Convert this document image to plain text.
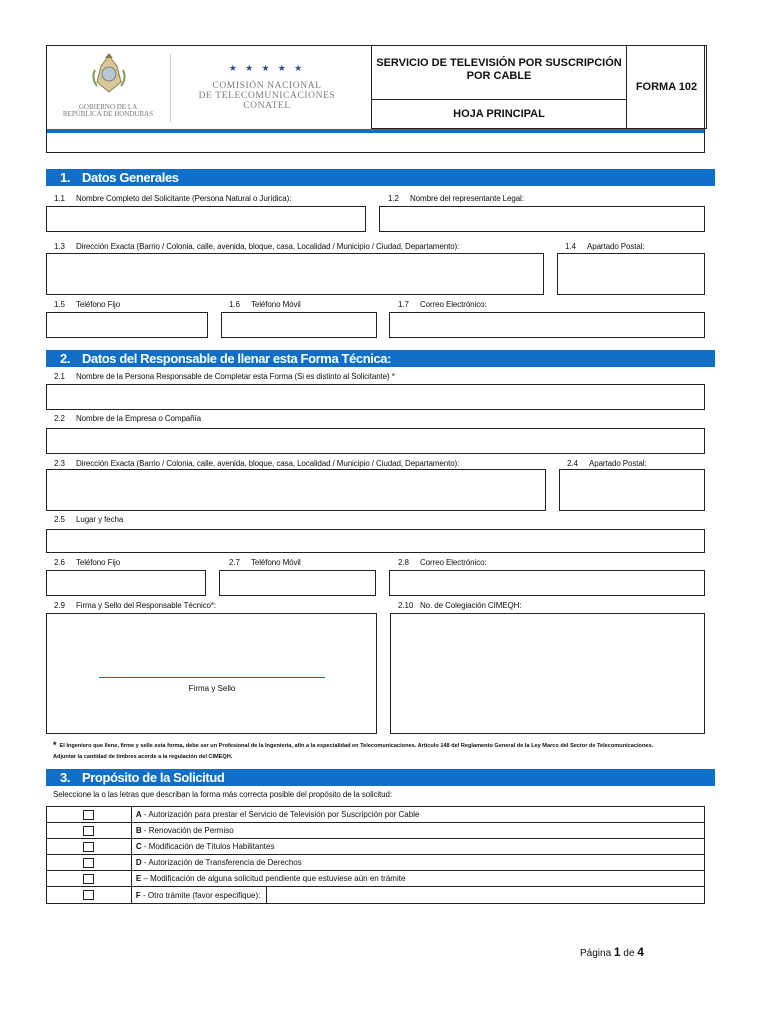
GOBIERNO DE LA
REPÚBLICA DE HONDURAS
★ ★ ★ ★ ★
COMISIÓN NACIONAL
DE TELECOMUNICACIONES
CONATEL
SERVICIO DE TELEVISIÓN POR SUSCRIPCIÓN
POR CABLE
HOJA PRINCIPAL
FORMA 102
1. Datos Generales
1.1 Nombre Completo del Solicitante (Persona Natural o Jurídica):	1.2 Nombre del representante Legal:
1.3 Dirección Exacta (Barrio / Colonia, calle, avenida, bloque, casa, Localidad / Municipio / Ciudad, Departamento):	1.4 Apartado Postal:
1.5 Teléfono Fijo	1.6 Teléfono Móvil	1.7 Correo Electrónico:
2. Datos del Responsable de llenar esta Forma Técnica:
2.1 Nombre de la Persona Responsable de Completar esta Forma (Si es distinto al Solicitante) *
2.2 Nombre de la Empresa o Compañía
2.3 Dirección Exacta (Barrio / Colonia, calle, avenida, bloque, casa, Localidad / Municipio / Ciudad, Departamento):	2.4 Apartado Postal:
2.5 Lugar y fecha
2.6 Teléfono Fijo	2.7 Teléfono Móvil	2.8 Correo Electrónico:
2.9 Firma y Sello del Responsable Técnico*:	2.10 No. de Colegiación CIMEQH:
Firma y Sello
* El Ingeniero que llene, firme y selle esta forma, debe ser un Profesional de la Ingeniería, afín a la especialidad en Telecomunicaciones. Artículo 148 del Reglamento General de la Ley Marco del Sector de Telecomunicaciones.
Adjuntar la cantidad de timbres acorde a la regulación del CIMEQH.
3. Propósito de la Solicitud
Seleccione la o las letras que describan la forma más correcta posible del propósito de la solicitud:
	A - Autorización para prestar el Servicio de Televisión por Suscripción por Cable
	B - Renovación de Permiso
	C - Modificación de Títulos Habilitantes
	D - Autorización de Transferencia de Derechos
	E – Modificación de alguna solicitud pendiente que estuviese aún en trámite

	F - Otro trámite (favor especifique):
Página 1 de 4
